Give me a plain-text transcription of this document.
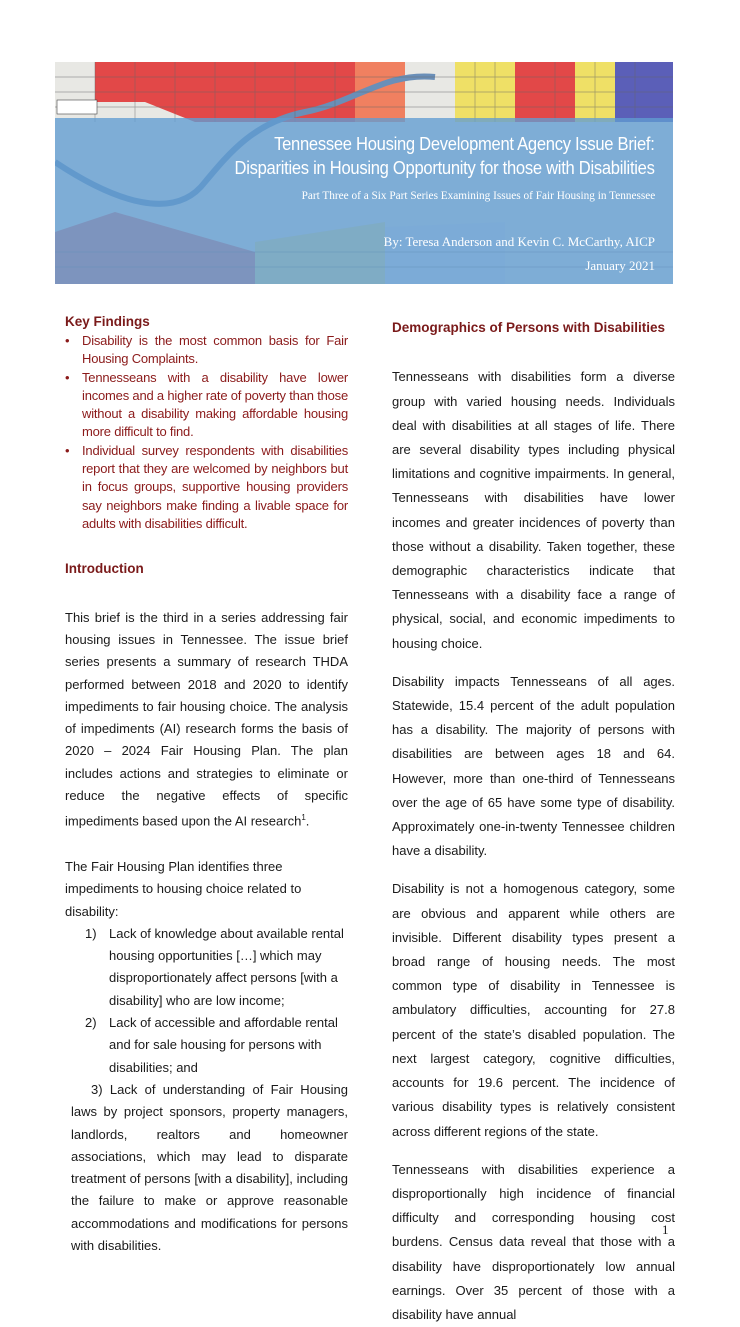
Tennessee Housing Development Agency Issue Brief:
Disparities in Housing Opportunity for those with Disabilities
Part Three of a Six Part Series Examining Issues of Fair Housing in Tennessee
By: Teresa Anderson and Kevin C. McCarthy, AICP
January 2021
Key Findings
• Disability is the most common basis for Fair Housing Complaints.
• Tennesseans with a disability have lower incomes and a higher rate of poverty than those without a disability making affordable housing more difficult to find.
• Individual survey respondents with disabilities report that they are welcomed by neighbors but in focus groups, supportive housing providers say neighbors make finding a livable space for adults with disabilities difficult.
Introduction

This brief is the third in a series addressing fair housing issues in Tennessee. The issue brief series presents a summary of research THDA performed between 2018 and 2020 to identify impediments to fair housing choice. The analysis of impediments (AI) research forms the basis of 2020 – 2024 Fair Housing Plan. The plan includes actions and strategies to eliminate or reduce the negative effects of specific impediments based upon the AI research$^1$.

The Fair Housing Plan identifies three impediments to housing choice related to disability:

1) Lack of knowledge about available rental housing opportunities […] which may disproportionately affect persons [with a disability] who are low income;
2) Lack of accessible and affordable rental and for sale housing for persons with disabilities; and

3) Lack of understanding of Fair Housing laws by project sponsors, property managers, landlords, realtors and homeowner associations, which may lead to disparate treatment of persons [with a disability], including the failure to make or approve reasonable accommodations and modifications for persons with disabilities.

Demographics of Persons with Disabilities

Tennesseans with disabilities form a diverse group with varied housing needs. Individuals deal with disabilities at all stages of life. There are several disability types including physical limitations and cognitive impairments. In general, Tennesseans with disabilities have lower incomes and greater incidences of poverty than those without a disability. Taken together, these demographic characteristics indicate that Tennesseans with a disability face a range of physical, social, and economic impediments to housing choice.

Disability impacts Tennesseans of all ages. Statewide, 15.4 percent of the adult population has a disability. The majority of persons with disabilities are between ages 18 and 64. However, more than one-third of Tennesseans over the age of 65 have some type of disability. Approximately one-in-twenty Tennessee children have a disability.

Disability is not a homogenous category, some are obvious and apparent while others are invisible. Different disability types present a broad range of housing needs. The most common type of disability in Tennessee is ambulatory difficulties, accounting for 27.8 percent of the state’s disabled population. The next largest category, cognitive difficulties, accounts for 19.6 percent. The incidence of various disability types is relatively consistent across different regions of the state.

Tennesseans with disabilities experience a disproportionally high incidence of financial difficulty and corresponding housing cost burdens. Census data reveal that those with a disability have disproportionately low annual earnings. Over 35 percent of those with a disability have annual

1
